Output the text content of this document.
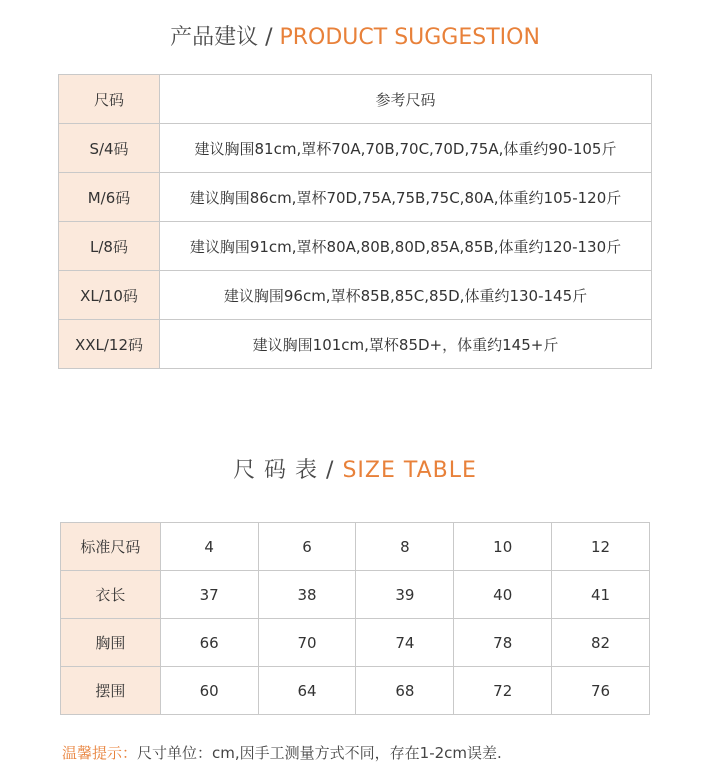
产品建议 / PRODUCT SUGGESTION
尺码	参考尺码
S/4码	建议胸围81cm,罩杯70A,70B,70C,70D,75A,体重约90-105斤
M/6码	建议胸围86cm,罩杯70D,75A,75B,75C,80A,体重约105-120斤
L/8码	建议胸围91cm,罩杯80A,80B,80D,85A,85B,体重约120-130斤
XL/10码	建议胸围96cm,罩杯85B,85C,85D,体重约130-145斤
XXL/12码	建议胸围101cm,罩杯85D+，体重约145+斤
尺 码 表 / SIZE TABLE
标准尺码	4	6	8	10	12
衣长	37	38	39	40	41
胸围	66	70	74	78	82
摆围	60	64	68	72	76
温馨提示：尺寸单位：cm,因手工测量方式不同，存在1-2cm误差.
